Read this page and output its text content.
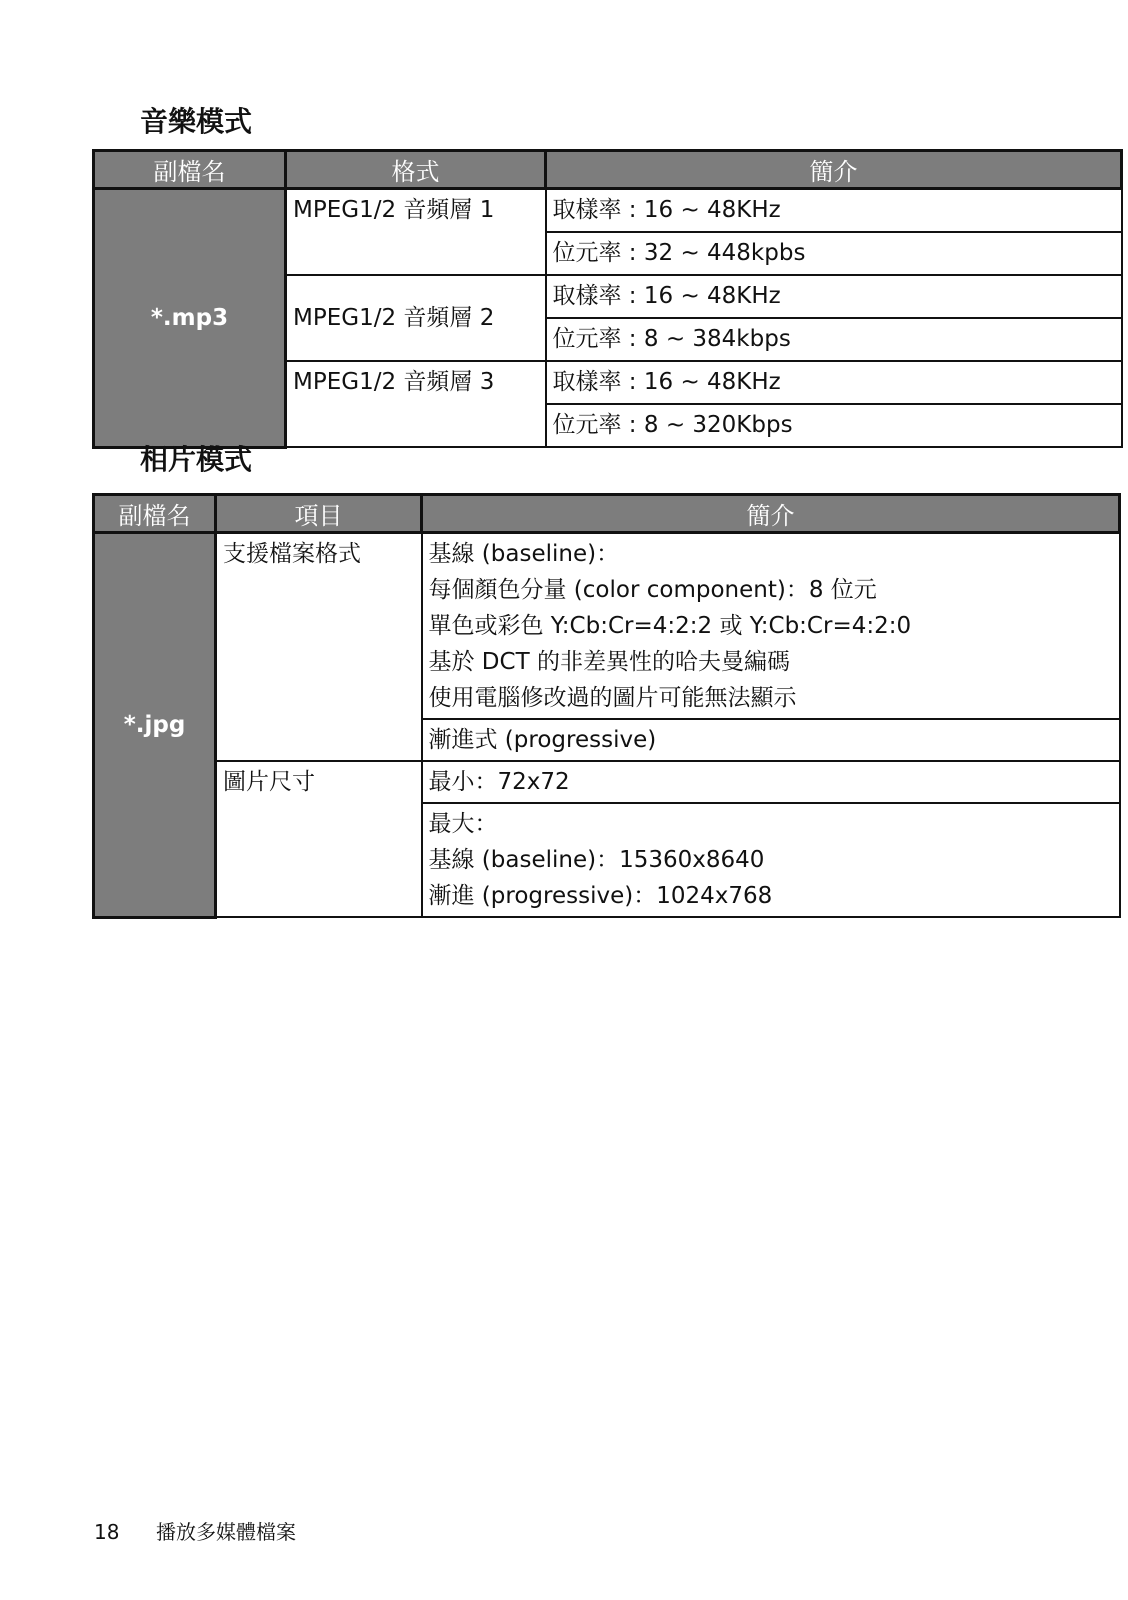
音樂模式
副檔名	格式	簡介
*.mp3	MPEG1/2 音頻層 1	取樣率 : 16 ~ 48KHz
		位元率 : 32 ~ 448kpbs
	MPEG1/2 音頻層 2	取樣率 : 16 ~ 48KHz
		位元率 : 8 ~ 384kbps
	MPEG1/2 音頻層 3	取樣率 : 16 ~ 48KHz
		位元率 : 8 ~ 320Kbps
相片模式
副檔名	項目	簡介
*.jpg	支援檔案格式	基線 (baseline)：
每個顏色分量 (color component)：8 位元
單色或彩色 Y:Cb:Cr=4:2:2 或 Y:Cb:Cr=4:2:0
基於 DCT 的非差異性的哈夫曼編碼
使用電腦修改過的圖片可能無法顯示

		漸進式 (progressive)
	圖片尺寸	最小：72x72

		最大：
基線 (baseline)：15360x8640
漸進 (progressive)：1024x768
18 播放多媒體檔案
